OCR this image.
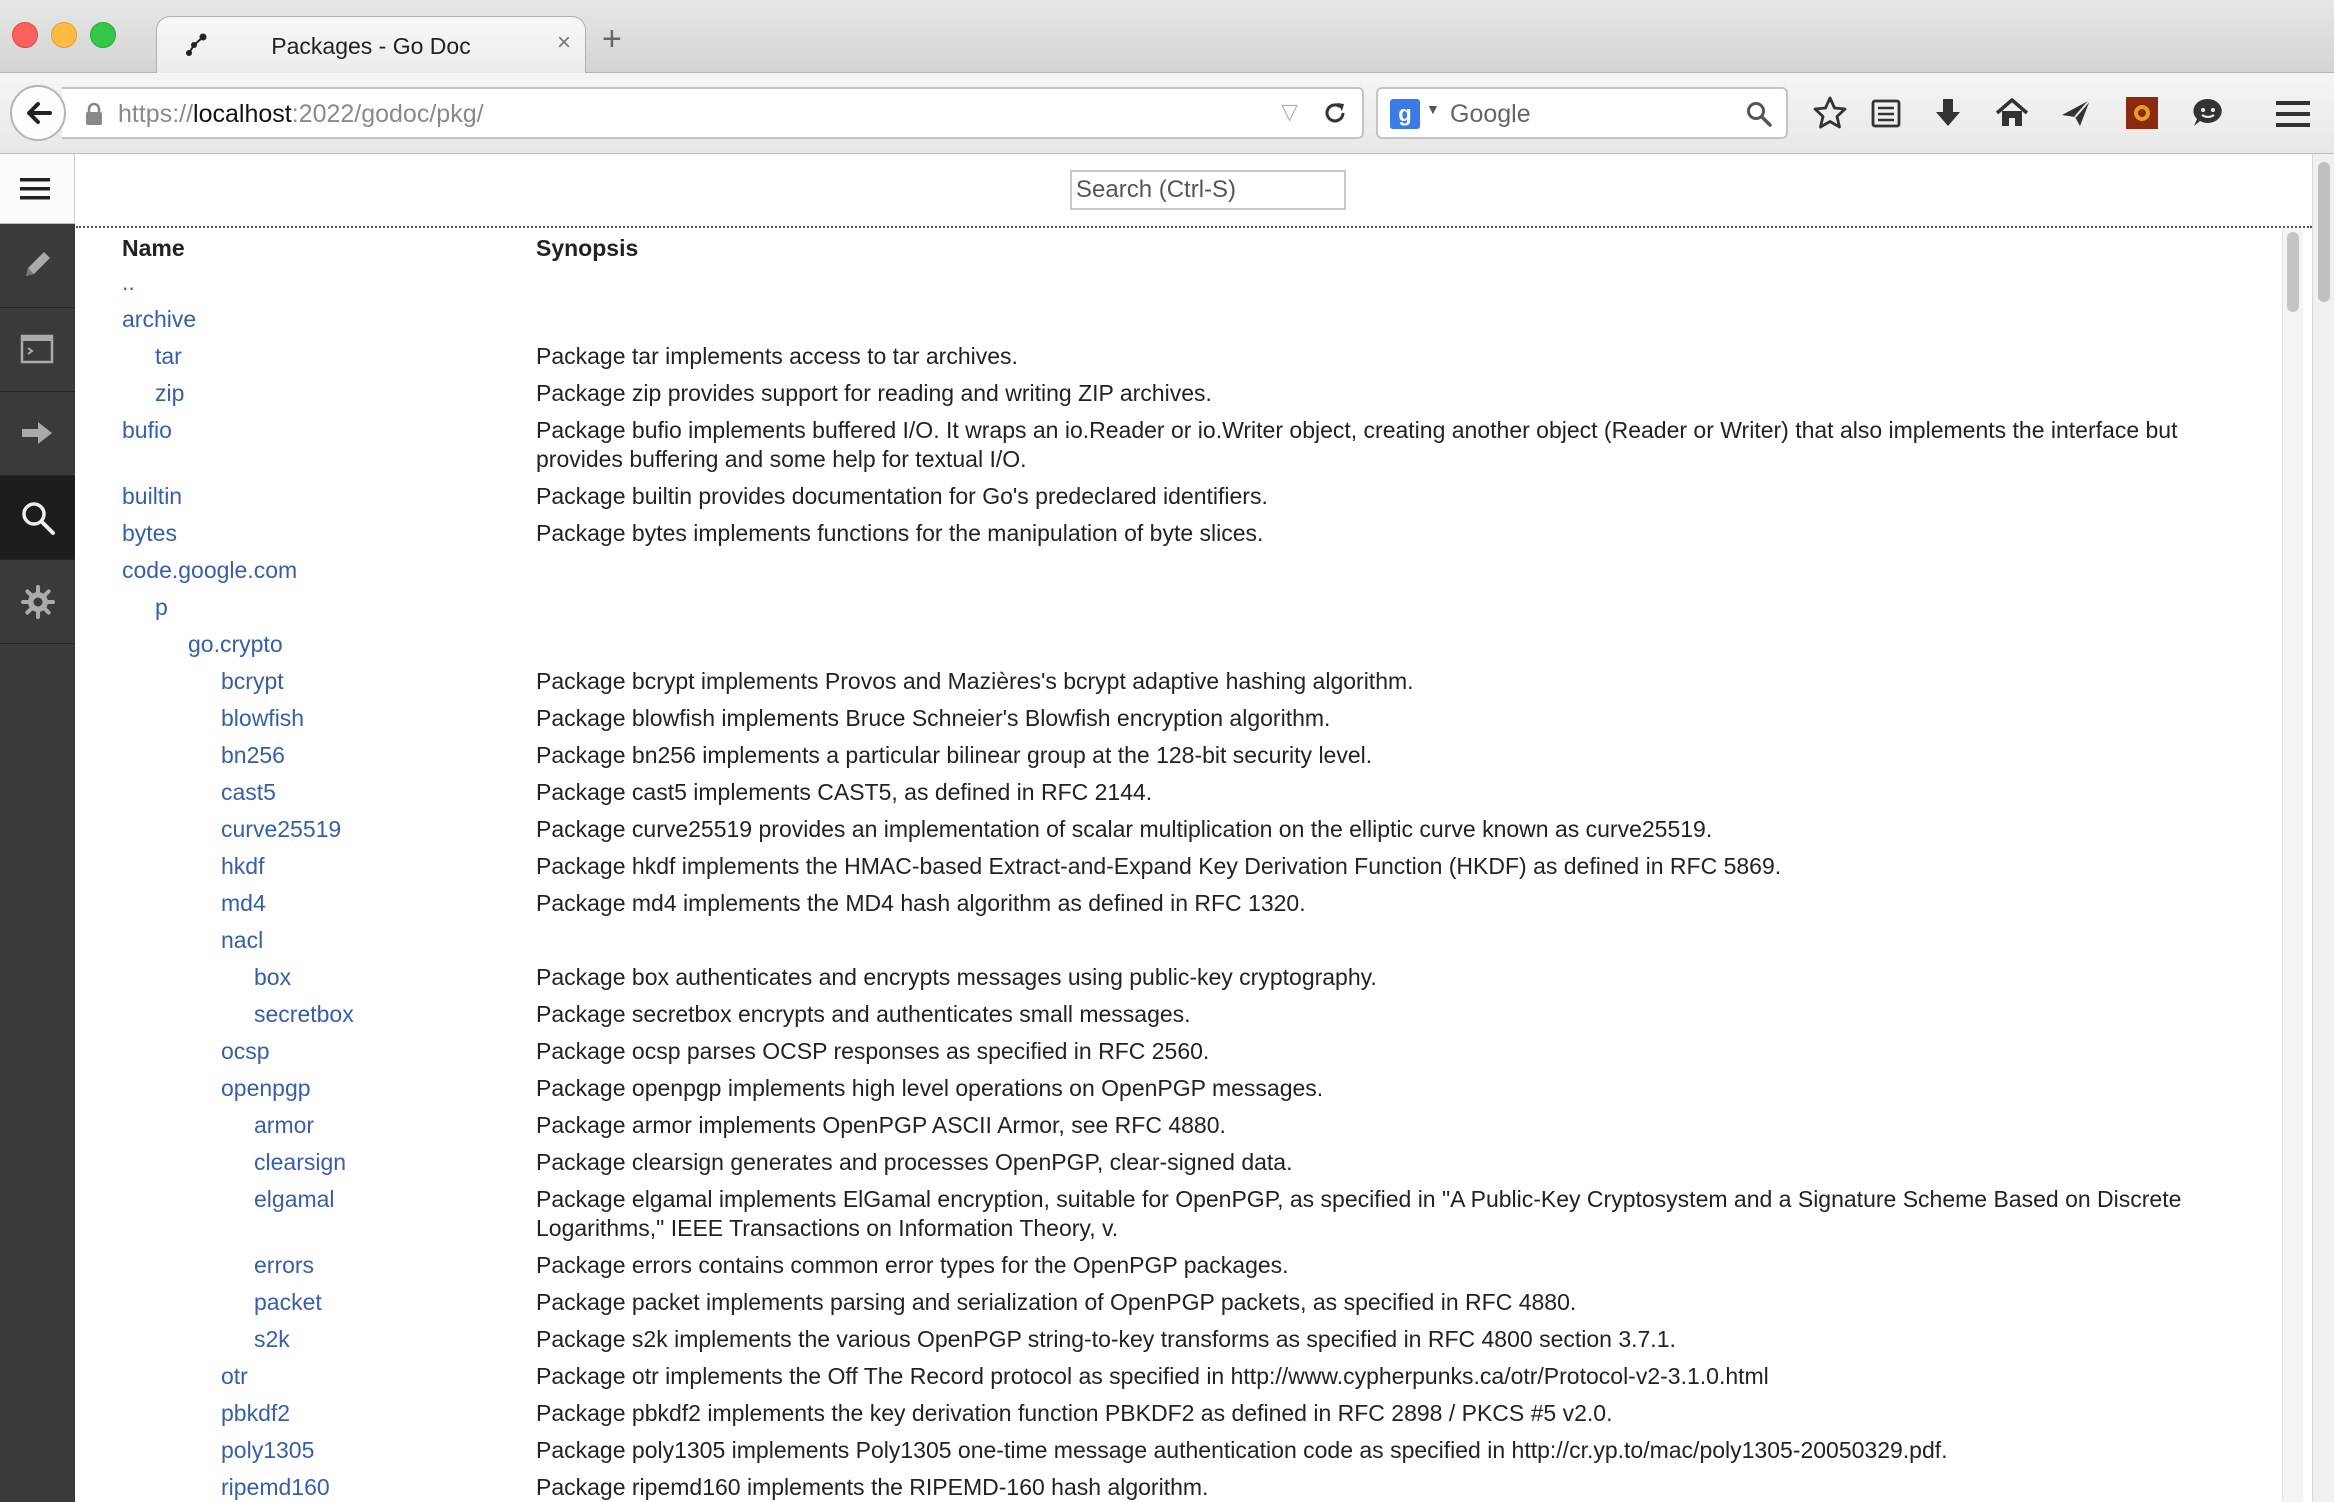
Packages - Go Doc	× +
https://localhost:2022/godoc/pkg/	▽	g	▼ Google
Search (Ctrl-S)
Name	Synopsis
..	
archive	
tar	Package tar implements access to tar archives.
zip	Package zip provides support for reading and writing ZIP archives.
bufio	Package bufio implements buffered I/O. It wraps an io.Reader or io.Writer object, creating another object (Reader or Writer) that also implements the interface but provides buffering and some help for textual I/O.
builtin	Package builtin provides documentation for Go's predeclared identifiers.
bytes	Package bytes implements functions for the manipulation of byte slices.
code.google.com	
p	
go.crypto	
bcrypt	Package bcrypt implements Provos and Mazières's bcrypt adaptive hashing algorithm.
blowfish	Package blowfish implements Bruce Schneier's Blowfish encryption algorithm.
bn256	Package bn256 implements a particular bilinear group at the 128-bit security level.
cast5	Package cast5 implements CAST5, as defined in RFC 2144.
curve25519	Package curve25519 provides an implementation of scalar multiplication on the elliptic curve known as curve25519.
hkdf	Package hkdf implements the HMAC-based Extract-and-Expand Key Derivation Function (HKDF) as defined in RFC 5869.
md4	Package md4 implements the MD4 hash algorithm as defined in RFC 1320.
nacl	
box	Package box authenticates and encrypts messages using public-key cryptography.
secretbox	Package secretbox encrypts and authenticates small messages.
ocsp	Package ocsp parses OCSP responses as specified in RFC 2560.
openpgp	Package openpgp implements high level operations on OpenPGP messages.
armor	Package armor implements OpenPGP ASCII Armor, see RFC 4880.
clearsign	Package clearsign generates and processes OpenPGP, clear-signed data.
elgamal	Package elgamal implements ElGamal encryption, suitable for OpenPGP, as specified in "A Public-Key Cryptosystem and a Signature Scheme Based on Discrete Logarithms," IEEE Transactions on Information Theory, v.
errors	Package errors contains common error types for the OpenPGP packages.
packet	Package packet implements parsing and serialization of OpenPGP packets, as specified in RFC 4880.
s2k	Package s2k implements the various OpenPGP string-to-key transforms as specified in RFC 4800 section 3.7.1.
otr	Package otr implements the Off The Record protocol as specified in http://www.cypherpunks.ca/otr/Protocol-v2-3.1.0.html
pbkdf2	Package pbkdf2 implements the key derivation function PBKDF2 as defined in RFC 2898 / PKCS #5 v2.0.
poly1305	Package poly1305 implements Poly1305 one-time message authentication code as specified in http://cr.yp.to/mac/poly1305-20050329.pdf.
ripemd160	Package ripemd160 implements the RIPEMD-160 hash algorithm.
